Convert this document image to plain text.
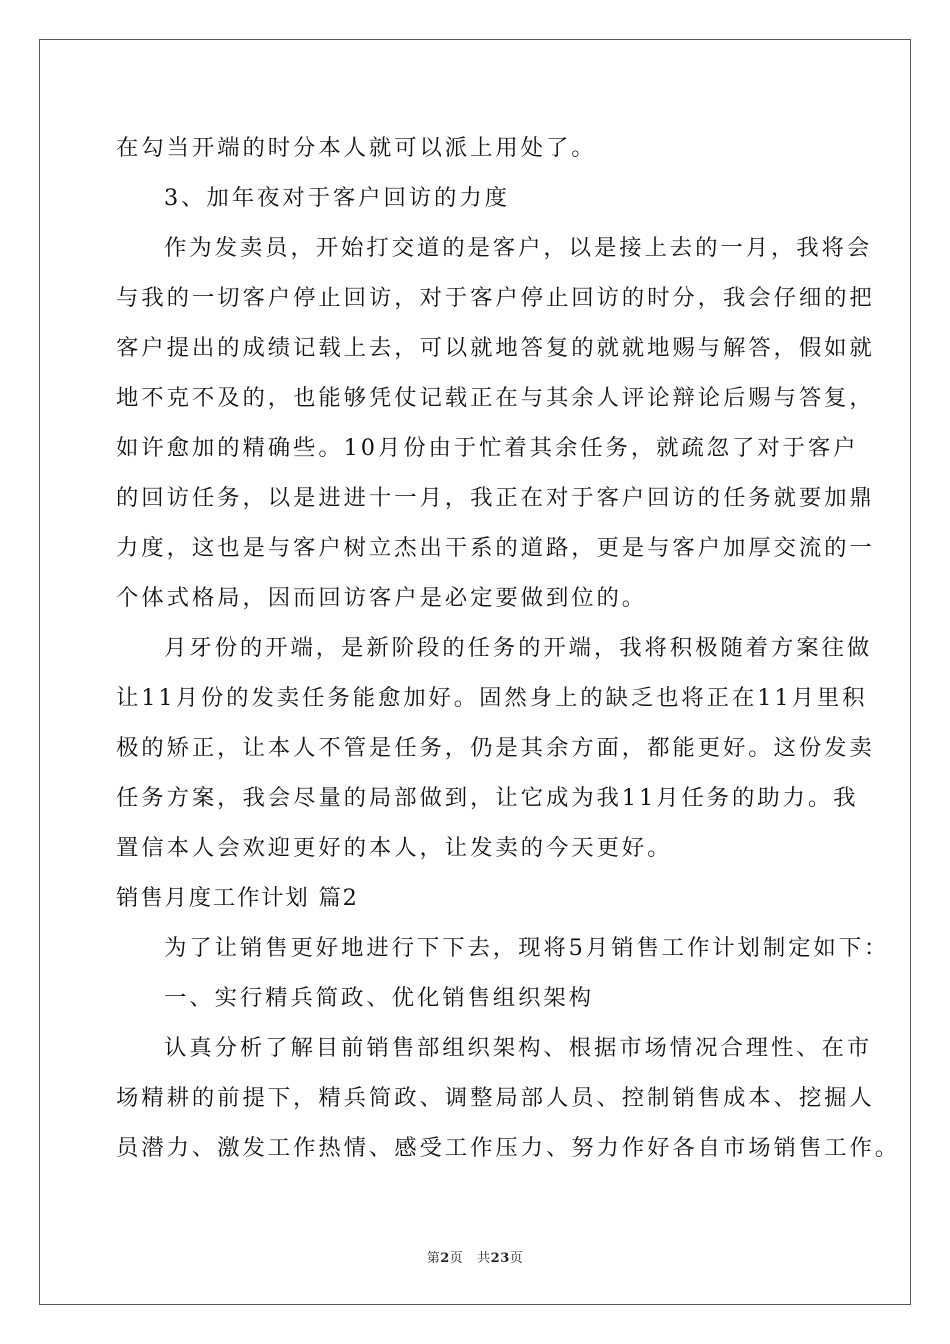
在勾当开端的时分本人就可以派上用处了。
3、加年夜对于客户回访的力度
作为发卖员，开始打交道的是客户，以是接上去的一月，我将会
与我的一切客户停止回访，对于客户停止回访的时分，我会仔细的把
客户提出的成绩记载上去，可以就地答复的就就地赐与解答，假如就
地不克不及的，也能够凭仗记载正在与其余人评论辩论后赐与答复，
如许愈加的精确些。10月份由于忙着其余任务，就疏忽了对于客户
的回访任务，以是进进十一月，我正在对于客户回访的任务就要加鼎
力度，这也是与客户树立杰出干系的道路，更是与客户加厚交流的一
个体式格局，因而回访客户是必定要做到位的。
月牙份的开端，是新阶段的任务的开端，我将积极随着方案往做
让11月份的发卖任务能愈加好。固然身上的缺乏也将正在11月里积
极的矫正，让本人不管是任务，仍是其余方面，都能更好。这份发卖
任务方案，我会尽量的局部做到，让它成为我11月任务的助力。我
置信本人会欢迎更好的本人，让发卖的今天更好。
销售月度工作计划 篇2
为了让销售更好地进行下下去，现将5月销售工作计划制定如下：
一、实行精兵简政、优化销售组织架构
认真分析了解目前销售部组织架构、根据市场情况合理性、在市
场精耕的前提下，精兵简政、调整局部人员、控制销售成本、挖掘人
员潜力、激发工作热情、感受工作压力、努力作好各自市场销售工作。
第2页   共23页
